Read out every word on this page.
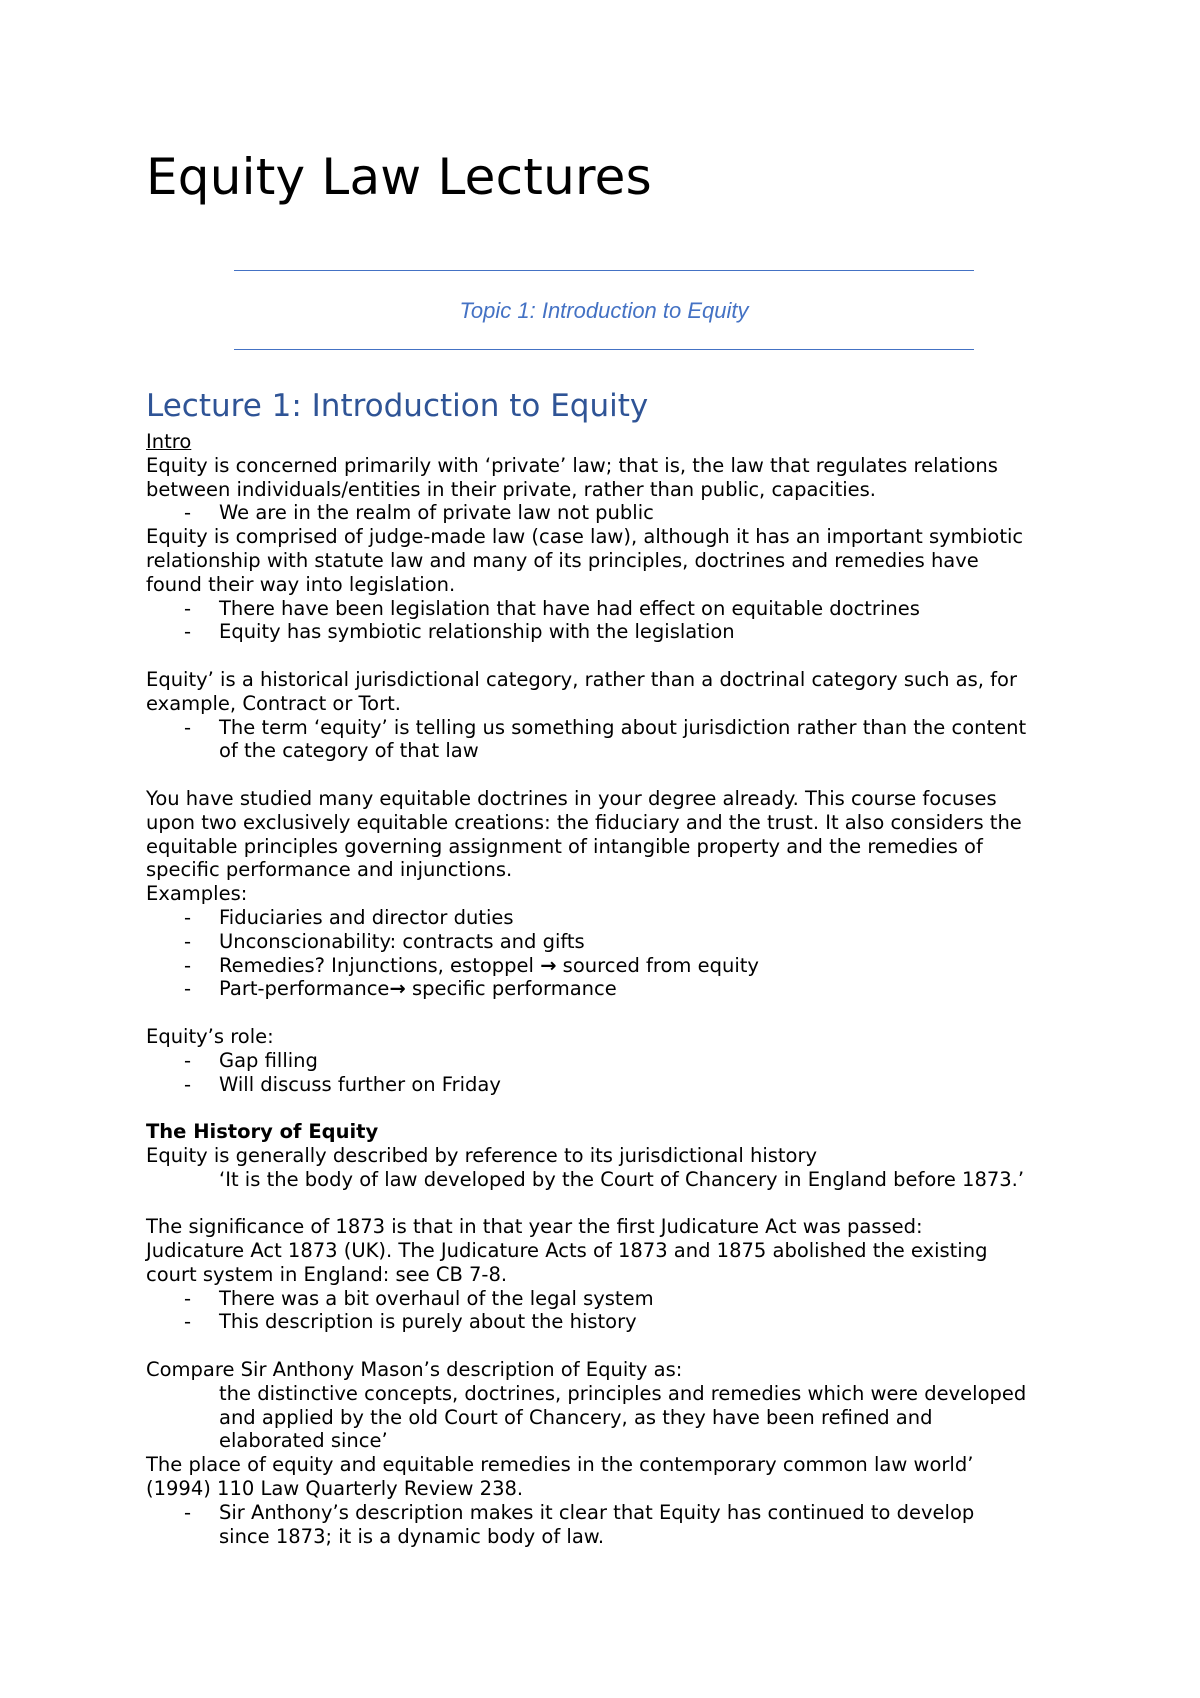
Equity Law Lectures
Topic 1: Introduction to Equity
Lecture 1: Introduction to Equity
Intro
Equity is concerned primarily with ‘private’ law; that is, the law that regulates relations
between individuals/entities in their private, rather than public, capacities.
- We are in the realm of private law not public
Equity is comprised of judge-made law (case law), although it has an important symbiotic
relationship with statute law and many of its principles, doctrines and remedies have
found their way into legislation.
- There have been legislation that have had effect on equitable doctrines
- Equity has symbiotic relationship with the legislation
Equity’ is a historical jurisdictional category, rather than a doctrinal category such as, for
example, Contract or Tort.
- The term ‘equity’ is telling us something about jurisdiction rather than the content
of the category of that law
You have studied many equitable doctrines in your degree already. This course focuses
upon two exclusively equitable creations: the fiduciary and the trust. It also considers the
equitable principles governing assignment of intangible property and the remedies of
specific performance and injunctions.
Examples:
- Fiduciaries and director duties
- Unconscionability: contracts and gifts
- Remedies? Injunctions, estoppel → sourced from equity
- Part-performance→ specific performance
Equity’s role:
- Gap filling
- Will discuss further on Friday
The History of Equity
Equity is generally described by reference to its jurisdictional history
‘It is the body of law developed by the Court of Chancery in England before 1873.’
The significance of 1873 is that in that year the first Judicature Act was passed:
Judicature Act 1873 (UK). The Judicature Acts of 1873 and 1875 abolished the existing
court system in England: see CB 7-8.
- There was a bit overhaul of the legal system
- This description is purely about the history
Compare Sir Anthony Mason’s description of Equity as:
the distinctive concepts, doctrines, principles and remedies which were developed
and applied by the old Court of Chancery, as they have been refined and
elaborated since’
The place of equity and equitable remedies in the contemporary common law world’
(1994) 110 Law Quarterly Review 238.
- Sir Anthony’s description makes it clear that Equity has continued to develop
since 1873; it is a dynamic body of law.
